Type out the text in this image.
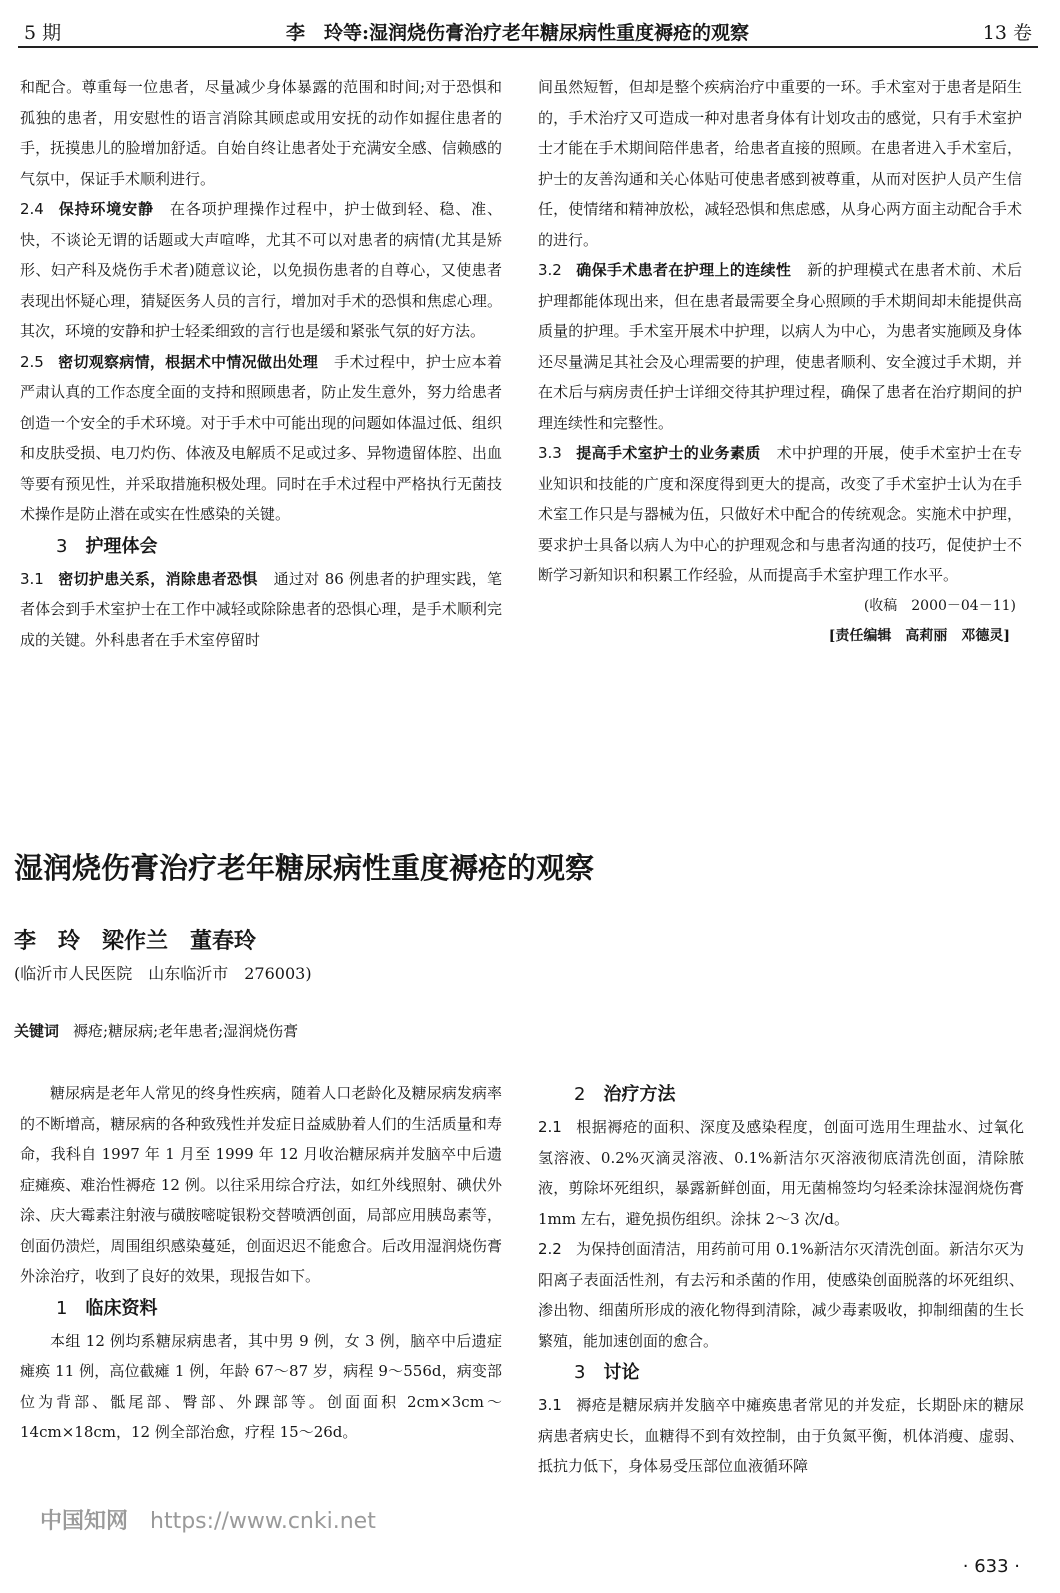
5 期	李　玲等:湿润烧伤膏治疗老年糖尿病性重度褥疮的观察	13 卷

和配合。尊重每一位患者，尽量减少身体暴露的范围和时间;对于恐惧和孤独的患者，用安慰性的语言消除其顾虑或用安抚的动作如握住患者的手，抚摸患儿的脸增加舒适。自始自终让患者处于充满安全感、信赖感的气氛中，保证手术顺利进行。

2.4 保持环境安静 在各项护理操作过程中，护士做到轻、稳、准、快，不谈论无谓的话题或大声喧哗，尤其不可以对患者的病情(尤其是矫形、妇产科及烧伤手术者)随意议论，以免损伤患者的自尊心，又使患者表现出怀疑心理，猜疑医务人员的言行，增加对手术的恐惧和焦虑心理。其次，环境的安静和护士轻柔细致的言行也是缓和紧张气氛的好方法。

2.5 密切观察病情，根据术中情况做出处理 手术过程中，护士应本着严肃认真的工作态度全面的支持和照顾患者，防止发生意外，努力给患者创造一个安全的手术环境。对于手术中可能出现的问题如体温过低、组织和皮肤受损、电刀灼伤、体液及电解质不足或过多、异物遗留体腔、出血等要有预见性，并采取措施积极处理。同时在手术过程中严格执行无菌技术操作是防止潜在或实在性感染的关键。

3 护理体会

3.1 密切护患关系，消除患者恐惧 通过对 86 例患者的护理实践，笔者体会到手术室护士在工作中减轻或除除患者的恐惧心理，是手术顺利完成的关键。外科患者在手术室停留时

间虽然短暂，但却是整个疾病治疗中重要的一环。手术室对于患者是陌生的，手术治疗又可造成一种对患者身体有计划攻击的感觉，只有手术室护士才能在手术期间陪伴患者，给患者直接的照顾。在患者进入手术室后，护士的友善沟通和关心体贴可使患者感到被尊重，从而对医护人员产生信任，使情绪和精神放松，减轻恐惧和焦虑感，从身心两方面主动配合手术的进行。

3.2 确保手术患者在护理上的连续性 新的护理模式在患者术前、术后护理都能体现出来，但在患者最需要全身心照顾的手术期间却未能提供高质量的护理。手术室开展术中护理，以病人为中心，为患者实施顾及身体还尽量满足其社会及心理需要的护理，使患者顺利、安全渡过手术期，并在术后与病房责任护士详细交待其护理过程，确保了患者在治疗期间的护理连续性和完整性。

3.3 提高手术室护士的业务素质 术中护理的开展，使手术室护士在专业知识和技能的广度和深度得到更大的提高，改变了手术室护士认为在手术室工作只是与器械为伍，只做好术中配合的传统观念。实施术中护理，要求护士具备以病人为中心的护理观念和与患者沟通的技巧，促使护士不断学习新知识和积累工作经验，从而提高手术室护理工作水平。

(收稿　2000－04－11)
[责任编辑　高莉丽　邓德灵]
湿润烧伤膏治疗老年糖尿病性重度褥疮的观察
李　玲　梁作兰　董春玲
(临沂市人民医院　山东临沂市　276003)
关键词 褥疮;糖尿病;老年患者;湿润烧伤膏

糖尿病是老年人常见的终身性疾病，随着人口老龄化及糖尿病发病率的不断增高，糖尿病的各种致残性并发症日益威胁着人们的生活质量和寿命，我科自 1997 年 1 月至 1999 年 12 月收治糖尿病并发脑卒中后遗症瘫痪、难治性褥疮 12 例。以往采用综合疗法，如红外线照射、碘伏外涂、庆大霉素注射液与磺胺嘧啶银粉交替喷洒创面，局部应用胰岛素等，创面仍溃烂，周围组织感染蔓延，创面迟迟不能愈合。后改用湿润烧伤膏外涂治疗，收到了良好的效果，现报告如下。

1 临床资料

本组 12 例均系糖尿病患者，其中男 9 例，女 3 例，脑卒中后遗症瘫痪 11 例，高位截瘫 1 例，年龄 67～87 岁，病程 9～556d，病变部位为背部、骶尾部、臀部、外踝部等。创面面积 2cm×3cm～14cm×18cm，12 例全部治愈，疗程 15～26d。

2 治疗方法

2.1 根据褥疮的面积、深度及感染程度，创面可选用生理盐水、过氧化氢溶液、0.2%灭滴灵溶液、0.1%新洁尔灭溶液彻底清洗创面，清除脓液，剪除坏死组织，暴露新鲜创面，用无菌棉签均匀轻柔涂抹湿润烧伤膏 1mm 左右，避免损伤组织。涂抹 2～3 次/d。

2.2 为保持创面清洁，用药前可用 0.1%新洁尔灭清洗创面。新洁尔灭为阳离子表面活性剂，有去污和杀菌的作用，使感染创面脱落的坏死组织、渗出物、细菌所形成的液化物得到清除，减少毒素吸收，抑制细菌的生长繁殖，能加速创面的愈合。

3 讨论

3.1 褥疮是糖尿病并发脑卒中瘫痪患者常见的并发症，长期卧床的糖尿病患者病史长，血糖得不到有效控制，由于负氮平衡，机体消瘦、虚弱、抵抗力低下，身体易受压部位血液循环障

中国知网 https://www.cnki.net
· 633 ·
